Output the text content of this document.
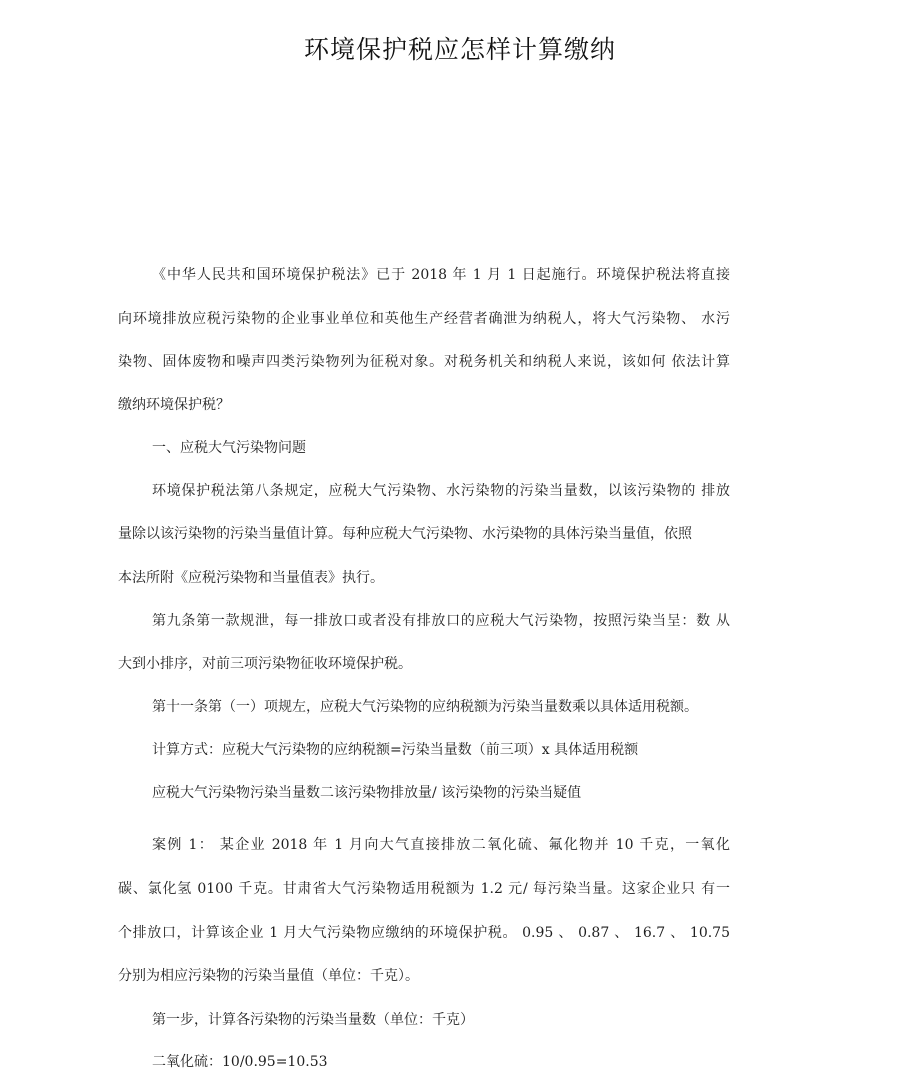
环境保护税应怎样计算缴纳
《中华人民共和国环境保护税法》已于 2018 年 1 月 1 日起施行。环境保护税法将直接
向环境排放应税污染物的企业事业单位和英他生产经营者确泄为纳税人，将大气污染物、 水污
染物、固体废物和噪声四类污染物列为征税对象。对税务机关和纳税人来说，该如何 依法计算
缴纳环境保护税？
一、应税大气污染物问题
环境保护税法第八条规定，应税大气污染物、水污染物的污染当量数，以该污染物的 排放
量除以该污染物的污染当量值计算。每种应税大气污染物、水污染物的具体污染当量值，依照
本法所附《应税污染物和当量值表》执行。
第九条第一款规泄，每一排放口或者没有排放口的应税大气污染物，按照污染当呈：数 从
大到小排序，对前三项污染物征收环境保护税。
第十一条第（一）项规左，应税大气污染物的应纳税额为污染当量数乘以具体适用税额。
计算方式：应税大气污染物的应纳税额=污染当量数（前三项）x 具体适用税额
应税大气污染物污染当量数二该污染物排放量/ 该污染物的污染当疑值
案例 1： 某企业 2018 年 1 月向大气直接排放二氧化硫、氟化物并 10 千克，一氧化
碳、氯化氢 0100 千克。甘肃省大气污染物适用税额为 1.2 元/ 每污染当量。这家企业只 有一
个排放口，计算该企业 1 月大气污染物应缴纳的环境保护税。 0.95 、 0.87 、 16.7 、 10.75
分别为相应污染物的污染当量值（单位：千克）。
第一步，计算各污染物的污染当量数（单位：千克）
二氧化硫：10/0.95=10.53
